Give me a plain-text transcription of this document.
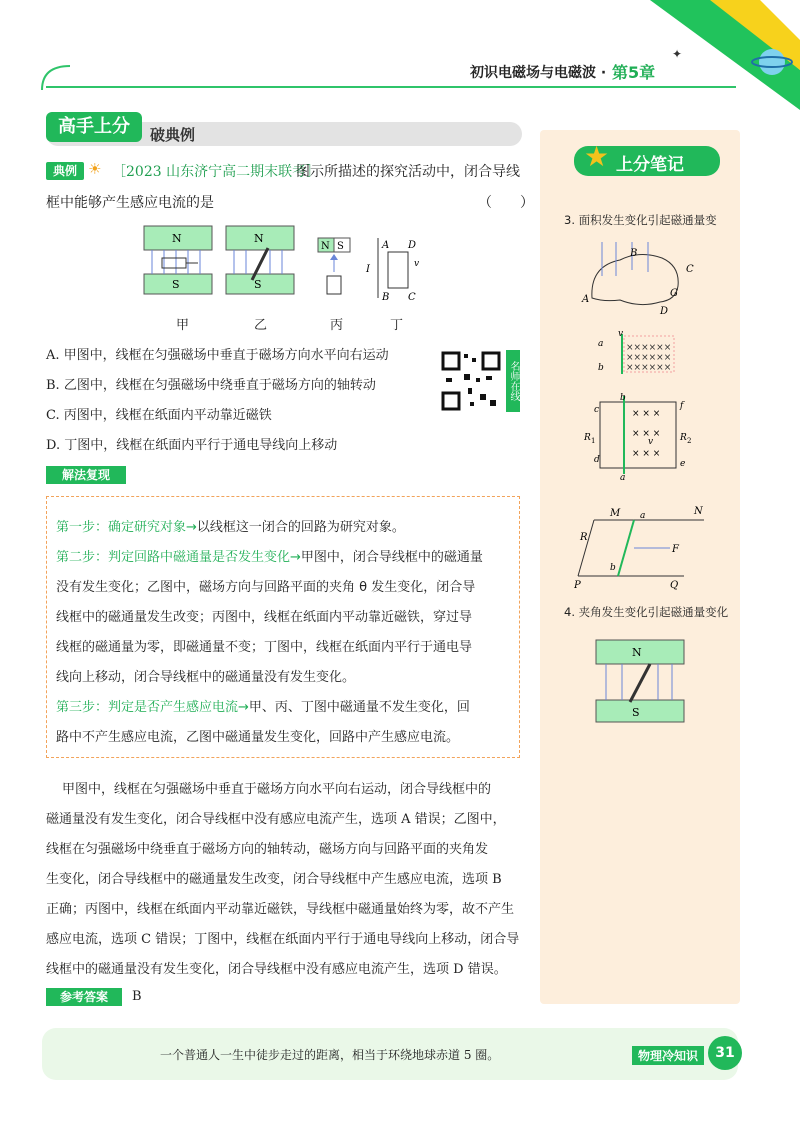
✦
初识电磁场与电磁波 · 第5章
高手上分	破典例
典例 ☀ ［2023 山东济宁高二期末联考］
图示所描述的探究活动中，闭合导线
框中能够产生感应电流的是	（　　）
N
S
N
S
N S
I
A D
B C
v
甲	乙	丙	丁
A. 甲图中，线框在匀强磁场中垂直于磁场方向水平向右运动
B. 乙图中，线框在匀强磁场中绕垂直于磁场方向的轴转动
C. 丙图中，线框在纸面内平动靠近磁铁
D. 丁图中，线框在纸面内平行于通电导线向上移动
名师在线
解法复现
第一步：确定研究对象→以线框这一闭合的回路为研究对象。
第二步：判定回路中磁通量是否发生变化→甲图中，闭合导线框中的磁通量
没有发生变化；乙图中，磁场方向与回路平面的夹角 θ 发生变化，闭合导
线框中的磁通量发生改变；丙图中，线框在纸面内平动靠近磁铁，穿过导
线框的磁通量为零，即磁通量不变；丁图中，线框在纸面内平行于通电导
线向上移动，闭合导线框中的磁通量没有发生变化。
第三步：判定是否产生感应电流→甲、丙、丁图中磁通量不发生变化，回
路中不产生感应电流，乙图中磁通量发生变化，回路中产生感应电流。
甲图中，线框在匀强磁场中垂直于磁场方向水平向右运动，闭合导线框中的
磁通量没有发生变化，闭合导线框中没有感应电流产生，选项 A 错误；乙图中，
线框在匀强磁场中绕垂直于磁场方向的轴转动，磁场方向与回路平面的夹角发
生变化，闭合导线框中的磁通量发生改变，闭合导线框中产生感应电流，选项 B
正确；丙图中，线框在纸面内平动靠近磁铁，导线框中磁通量始终为零，故不产生
感应电流，选项 C 错误；丁图中，线框在纸面内平行于通电导线向上移动，闭合导
线框中的磁通量没有发生变化，闭合导线框中没有感应电流产生，选项 D 错误。
参考答案	B
★ 上分笔记
3. 面积发生变化引起磁通量变
A
B
C
D
G
××××××
××××××
××××××
a
b
v
× × ×
× × ×
× × ×
b
c
d
a
e
f
v
R 1	R 2
M a	N
R
b
F
P	Q
4. 夹角发生变化引起磁通量变化
N
S
一个普通人一生中徒步走过的距离，相当于环绕地球赤道 5 圈。	物理冷知识	31
